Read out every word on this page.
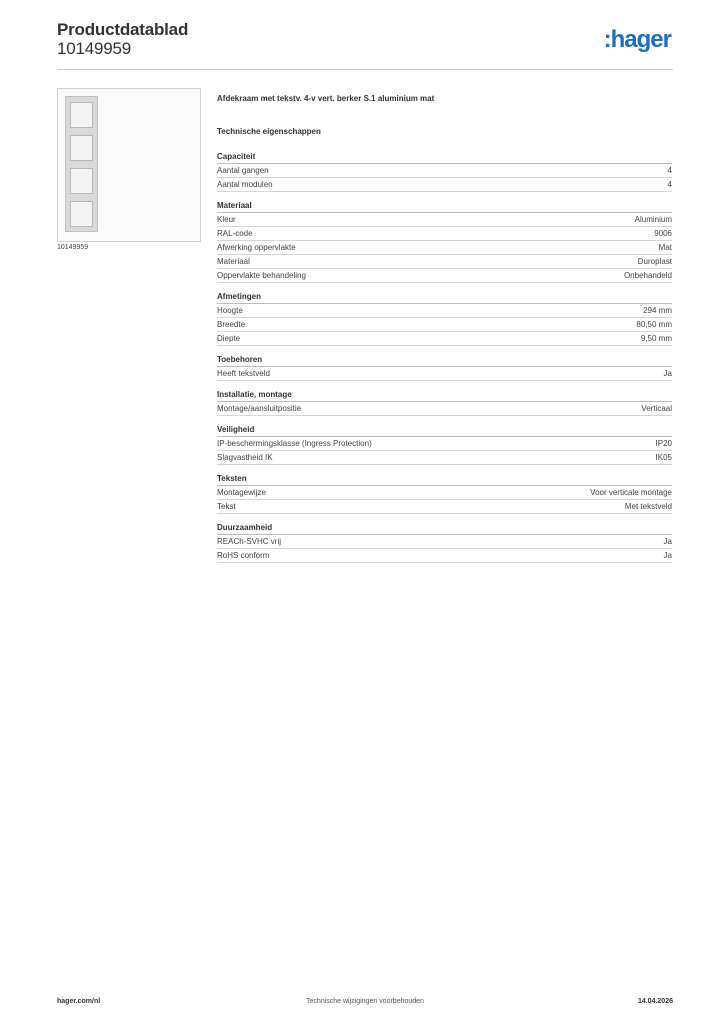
Productdatablad
10149959	:hager
10149959
Afdekraam met tekstv. 4-v vert. berker S.1 aluminium mat
Technische eigenschappen
Capaciteit
Aantal gangen	4
Aantal modulen	4
Materiaal
Kleur	Aluminium
RAL-code	9006
Afwerking oppervlakte	Mat
Materiaal	Duroplast
Oppervlakte behandeling	Onbehandeld
Afmetingen
Hoogte	294 mm
Breedte	80,50 mm
Diepte	9,50 mm
Toebehoren
Heeft tekstveld	Ja
Installatie, montage
Montage/aansluitpositie	Verticaal
Veiligheid
IP-beschermingsklasse (Ingress Protection)	IP20
Slagvastheid IK	IK05
Teksten
Montagewijze	Voor verticale montage
Tekst	Met tekstveld
Duurzaamheid
REACh-SVHC vrij	Ja
RoHS conform	Ja
hager.com/nl	Technische wijzigingen voorbehouden	14.04.2026
